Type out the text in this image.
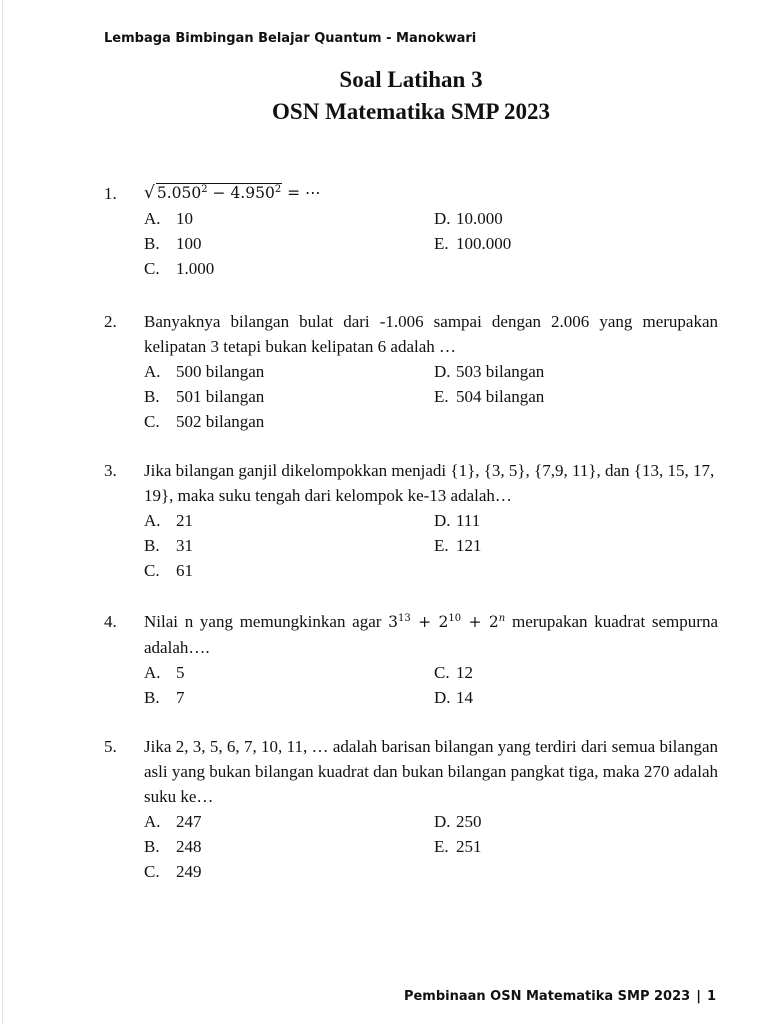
Lembaga Bimbingan Belajar Quantum - Manokwari
Soal Latihan 3
OSN Matematika SMP 2023
1. √ $5.050^2 - 4.950^2$ = ⋯
A. 10	D. 10.000
B. 100	E. 100.000
C. 1.000
2. Banyaknya bilangan bulat dari -1.006 sampai dengan 2.006 yang merupakan kelipatan 3 tetapi bukan kelipatan 6 adalah …
A. 500 bilangan	D. 503 bilangan
B. 501 bilangan	E. 504 bilangan
C. 502 bilangan
3. Jika bilangan ganjil dikelompokkan menjadi {1}, {3, 5}, {7,9, 11}, dan {13, 15, 17, 19}, maka suku tengah dari kelompok ke-13 adalah…
A. 21	D. 111
B. 31	E. 121
C. 61
4. Nilai n yang memungkinkan agar $3^{13} + 2^{10} + 2^n$ merupakan kuadrat sempurna adalah….
A. 5	C. 12
B. 7	D. 14
5. Jika 2, 3, 5, 6, 7, 10, 11, … adalah barisan bilangan yang terdiri dari semua bilangan asli yang bukan bilangan kuadrat dan bukan bilangan pangkat tiga, maka 270 adalah suku ke…
A. 247	D. 250
B. 248	E. 251
C. 249
Pembinaan OSN Matematika SMP 2023 | 1
